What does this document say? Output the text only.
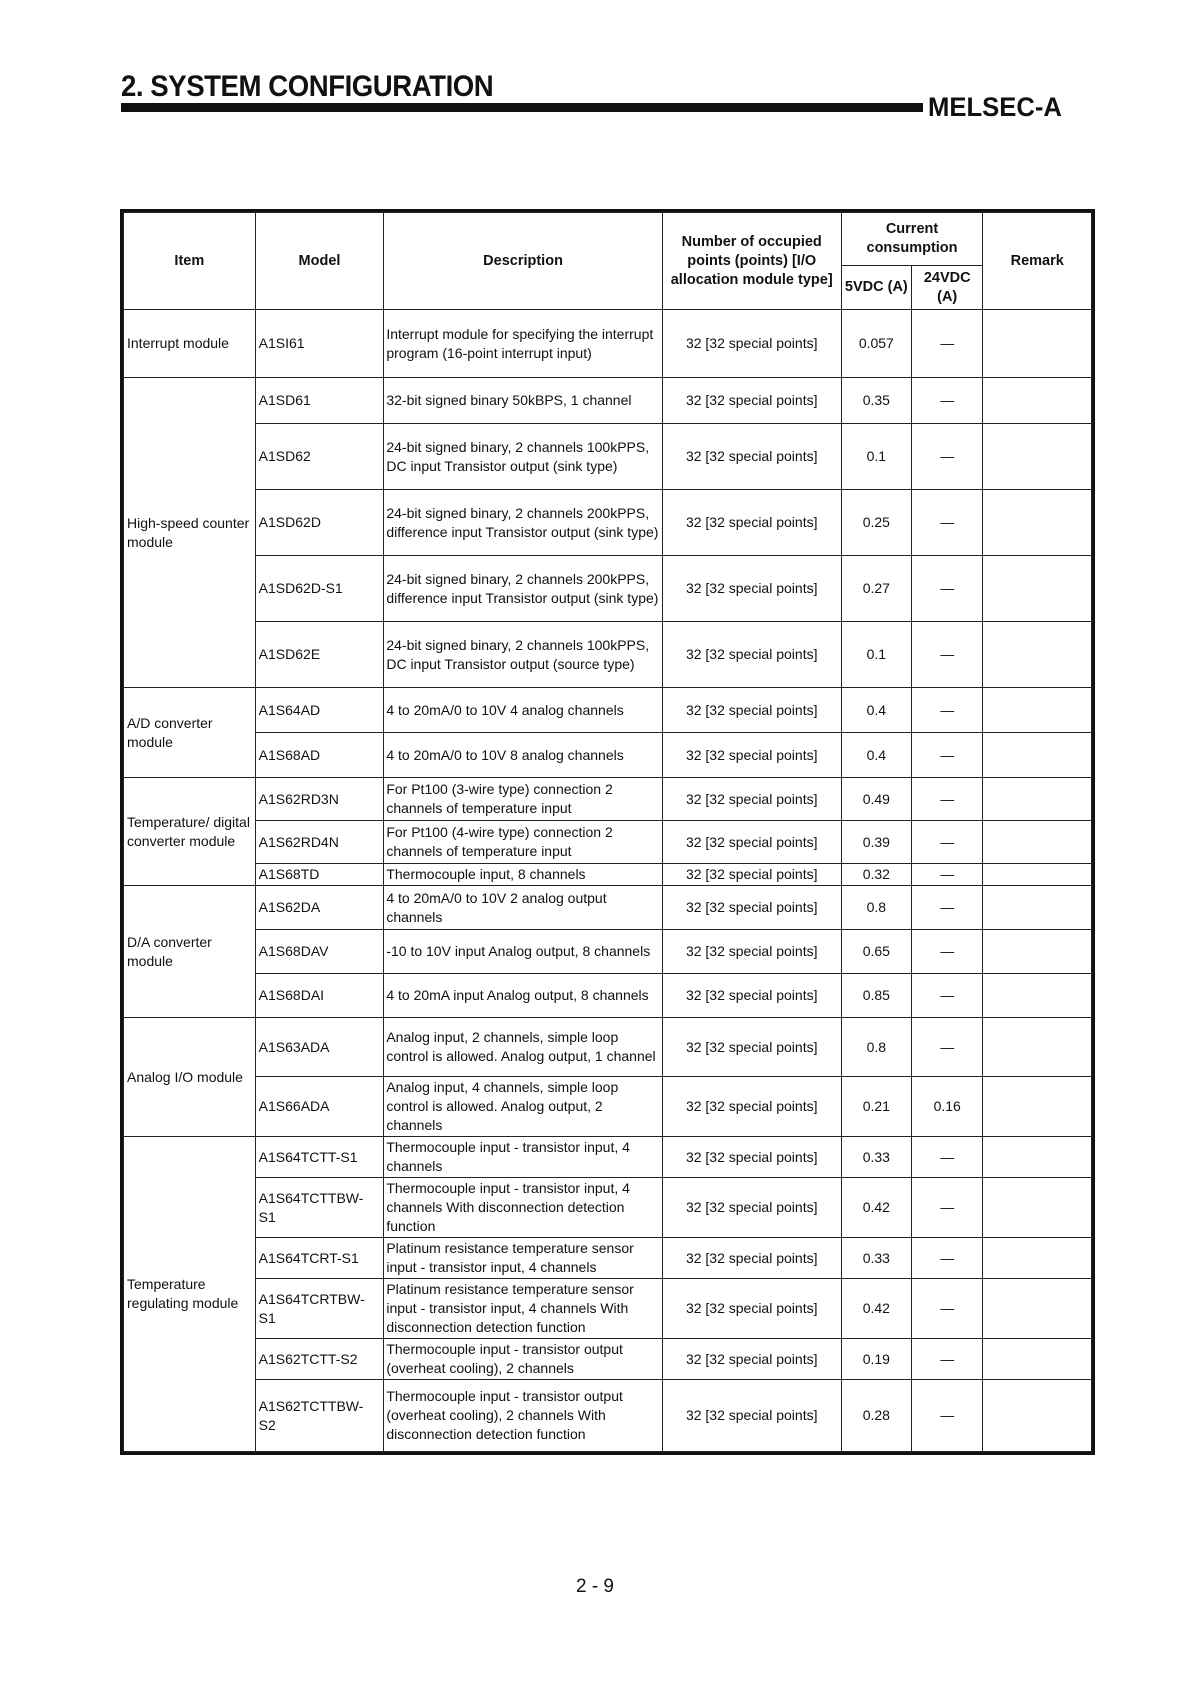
2. SYSTEM CONFIGURATION
MELSEC-A
Item	Model	Description	Number of occupied points (points) [I/O allocation module type]	Current consumption		Remark
				5VDC (A)	24VDC (A)	
Interrupt module	A1SI61	Interrupt module for specifying the interrupt program (16-point interrupt input)	32 [32 special points]	0.057	—	
High-speed counter module	A1SD61	32-bit signed binary 50kBPS, 1 channel	32 [32 special points]	0.35	—	
	A1SD62	24-bit signed binary, 2 channels 100kPPS, DC input Transistor output (sink type)	32 [32 special points]	0.1	—	
	A1SD62D	24-bit signed binary, 2 channels 200kPPS, difference input Transistor output (sink type)	32 [32 special points]	0.25	—	
	A1SD62D-S1	24-bit signed binary, 2 channels 200kPPS, difference input Transistor output (sink type)	32 [32 special points]	0.27	—	
	A1SD62E	24-bit signed binary, 2 channels 100kPPS, DC input Transistor output (source type)	32 [32 special points]	0.1	—	
A/D converter module	A1S64AD	4 to 20mA/0 to 10V 4 analog channels	32 [32 special points]	0.4	—	
	A1S68AD	4 to 20mA/0 to 10V 8 analog channels	32 [32 special points]	0.4	—	
Temperature/ digital converter module	A1S62RD3N	For Pt100 (3-wire type) connection 2 channels of temperature input	32 [32 special points]	0.49	—	
	A1S62RD4N	For Pt100 (4-wire type) connection 2 channels of temperature input	32 [32 special points]	0.39	—	
	A1S68TD	Thermocouple input, 8 channels	32 [32 special points]	0.32	—	
D/A converter module	A1S62DA	4 to 20mA/0 to 10V 2 analog output channels	32 [32 special points]	0.8	—	
	A1S68DAV	-10 to 10V input Analog output, 8 channels	32 [32 special points]	0.65	—	
	A1S68DAI	4 to 20mA input Analog output, 8 channels	32 [32 special points]	0.85	—	
Analog I/O module	A1S63ADA	Analog input, 2 channels, simple loop control is allowed. Analog output, 1 channel	32 [32 special points]	0.8	—	
	A1S66ADA	Analog input, 4 channels, simple loop control is allowed. Analog output, 2 channels	32 [32 special points]	0.21	0.16	
Temperature regulating module	A1S64TCTT-S1	Thermocouple input - transistor input, 4 channels	32 [32 special points]	0.33	—	
	A1S64TCTTBW-S1	Thermocouple input - transistor input, 4 channels With disconnection detection function	32 [32 special points]	0.42	—	
	A1S64TCRT-S1	Platinum resistance temperature sensor input - transistor input, 4 channels	32 [32 special points]	0.33	—	
	A1S64TCRTBW-S1	Platinum resistance temperature sensor input - transistor input, 4 channels With disconnection detection function	32 [32 special points]	0.42	—	
	A1S62TCTT-S2	Thermocouple input - transistor output (overheat cooling), 2 channels	32 [32 special points]	0.19	—	
	A1S62TCTTBW-S2	Thermocouple input - transistor output (overheat cooling), 2 channels With disconnection detection function	32 [32 special points]	0.28	—	
2 - 9
